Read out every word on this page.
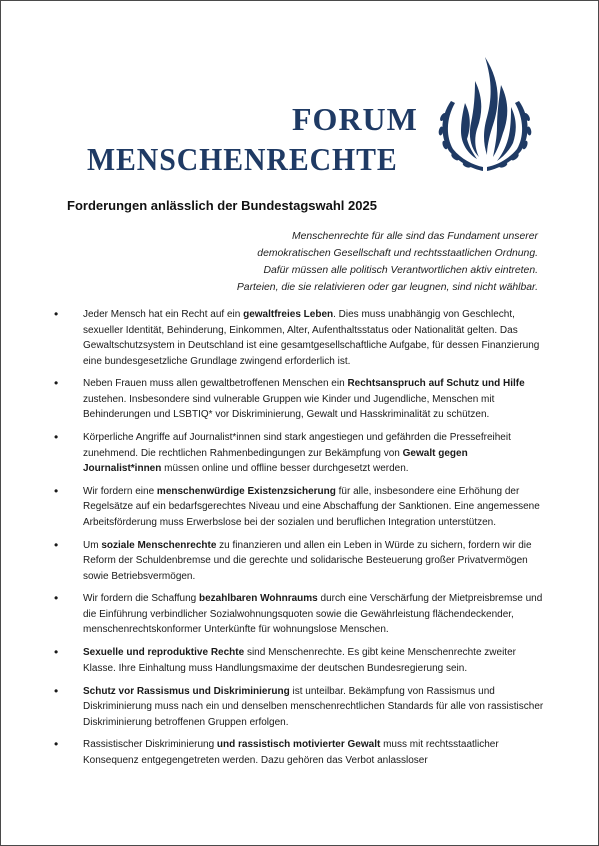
FORUM
MENSCHENRECHTE
Forderungen anlässlich der Bundestagswahl 2025
Menschenrechte für alle sind das Fundament unserer
demokratischen Gesellschaft und rechtsstaatlichen Ordnung.
Dafür müssen alle politisch Verantwortlichen aktiv eintreten.
Parteien, die sie relativieren oder gar leugnen, sind nicht wählbar.
• Jeder Mensch hat ein Recht auf ein gewaltfreies Leben. Dies muss unabhängig von Geschlecht, sexueller Identität, Behinderung, Einkommen, Alter, Aufenthaltsstatus oder Nationalität gelten. Das Gewaltschutzsystem in Deutschland ist eine gesamtgesellschaftliche Aufgabe, für dessen Finanzierung eine bundesgesetzliche Grundlage zwingend erforderlich ist.
• Neben Frauen muss allen gewaltbetroffenen Menschen ein Rechtsanspruch auf Schutz und Hilfe zustehen. Insbesondere sind vulnerable Gruppen wie Kinder und Jugendliche, Menschen mit Behinderungen und LSBTIQ* vor Diskriminierung, Gewalt und Hasskriminalität zu schützen.
• Körperliche Angriffe auf Journalist*innen sind stark angestiegen und gefährden die Pressefreiheit zunehmend. Die rechtlichen Rahmenbedingungen zur Bekämpfung von Gewalt gegen Journalist*innen müssen online und offline besser durchgesetzt werden.
• Wir fordern eine menschenwürdige Existenzsicherung für alle, insbesondere eine Erhöhung der Regelsätze auf ein bedarfsgerechtes Niveau und eine Abschaffung der Sanktionen. Eine angemessene Arbeitsförderung muss Erwerbslose bei der sozialen und beruflichen Integration unterstützen.
• Um soziale Menschenrechte zu finanzieren und allen ein Leben in Würde zu sichern, fordern wir die Reform der Schuldenbremse und die gerechte und solidarische Besteuerung großer Privatvermögen sowie Betriebsvermögen.
• Wir fordern die Schaffung bezahlbaren Wohnraums durch eine Verschärfung der Mietpreisbremse und die Einführung verbindlicher Sozialwohnungsquoten sowie die Gewährleistung flächendeckender, menschenrechtskonformer Unterkünfte für wohnungslose Menschen.
• Sexuelle und reproduktive Rechte sind Menschenrechte. Es gibt keine Menschenrechte zweiter Klasse. Ihre Einhaltung muss Handlungsmaxime der deutschen Bundesregierung sein.
• Schutz vor Rassismus und Diskriminierung ist unteilbar. Bekämpfung von Rassismus und Diskriminierung muss nach ein und denselben menschenrechtlichen Standards für alle von rassistischer Diskriminierung betroffenen Gruppen erfolgen.
• Rassistischer Diskriminierung und rassistisch motivierter Gewalt muss mit rechtsstaatlicher Konsequenz entgegengetreten werden. Dazu gehören das Verbot anlassloser
